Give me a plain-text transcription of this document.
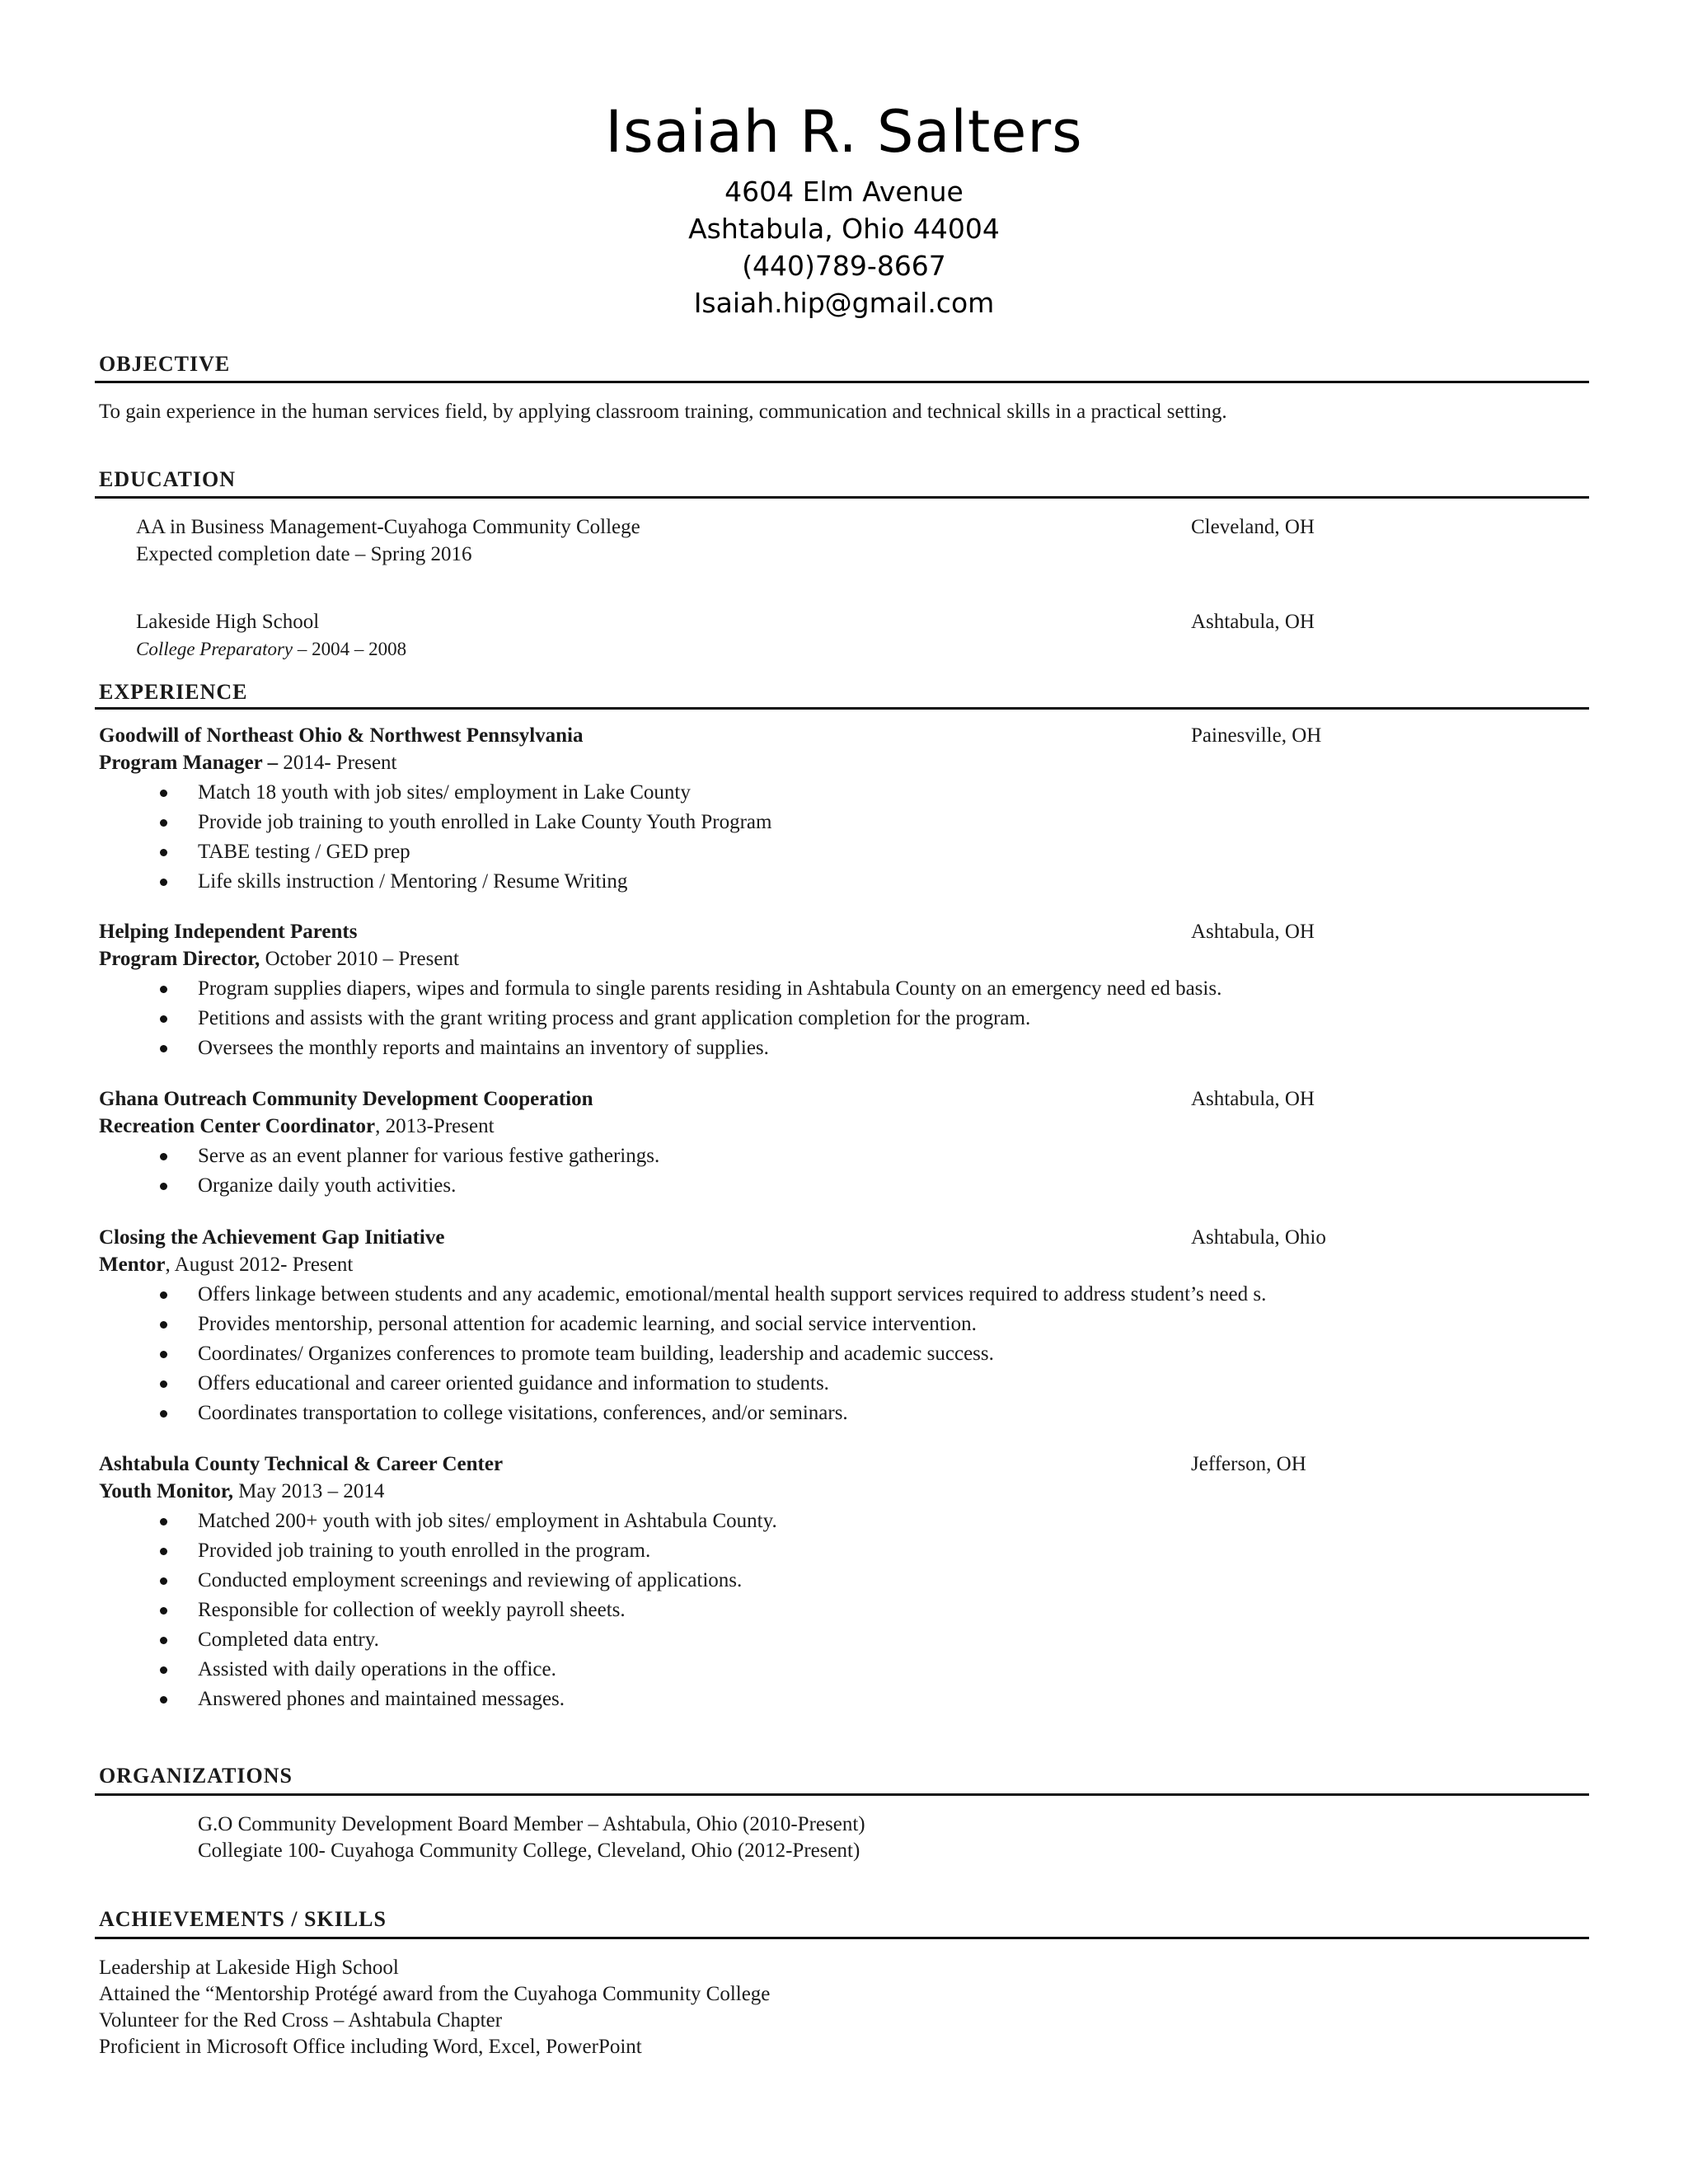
Isaiah R. Salters
4604 Elm Avenue
Ashtabula, Ohio 44004
(440)789-8667
Isaiah.hip@gmail.com
OBJECTIVE
To gain experience in the human services field, by applying classroom training, communication and technical skills in a practical setting.
EDUCATION
AA in Business Management-Cuyahoga Community College	Cleveland, OH
Expected completion date – Spring 2016
Lakeside High School	Ashtabula, OH
College Preparatory – 2004 – 2008
EXPERIENCE
Goodwill of Northeast Ohio & Northwest Pennsylvania	Painesville, OH
Program Manager – 2014- Present
Match 18 youth with job sites/ employment in Lake County
Provide job training to youth enrolled in Lake County Youth Program
TABE testing / GED prep
Life skills instruction / Mentoring / Resume Writing
Helping Independent Parents	Ashtabula, OH
Program Director, October 2010 – Present
Program supplies diapers, wipes and formula to single parents residing in Ashtabula County on an emergency need ed basis.
Petitions and assists with the grant writing process and grant application completion for the program.
Oversees the monthly reports and maintains an inventory of supplies.
Ghana Outreach Community Development Cooperation	Ashtabula, OH
Recreation Center Coordinator, 2013-Present
Serve as an event planner for various festive gatherings.
Organize daily youth activities.
Closing the Achievement Gap Initiative	Ashtabula, Ohio
Mentor, August 2012- Present
Offers linkage between students and any academic, emotional/mental health support services required to address student’s need s.
Provides mentorship, personal attention for academic learning, and social service intervention.
Coordinates/ Organizes conferences to promote team building, leadership and academic success.
Offers educational and career oriented guidance and information to students.
Coordinates transportation to college visitations, conferences, and/or seminars.
Ashtabula County Technical & Career Center	Jefferson, OH
Youth Monitor, May 2013 – 2014
Matched 200+ youth with job sites/ employment in Ashtabula County.
Provided job training to youth enrolled in the program.
Conducted employment screenings and reviewing of applications.
Responsible for collection of weekly payroll sheets.
Completed data entry.
Assisted with daily operations in the office.
Answered phones and maintained messages.
ORGANIZATIONS
G.O Community Development Board Member – Ashtabula, Ohio (2010-Present)
Collegiate 100- Cuyahoga Community College, Cleveland, Ohio (2012-Present)
ACHIEVEMENTS / SKILLS
Leadership at Lakeside High School
Attained the “Mentorship Protégé award from the Cuyahoga Community College
Volunteer for the Red Cross – Ashtabula Chapter
Proficient in Microsoft Office including Word, Excel, PowerPoint
